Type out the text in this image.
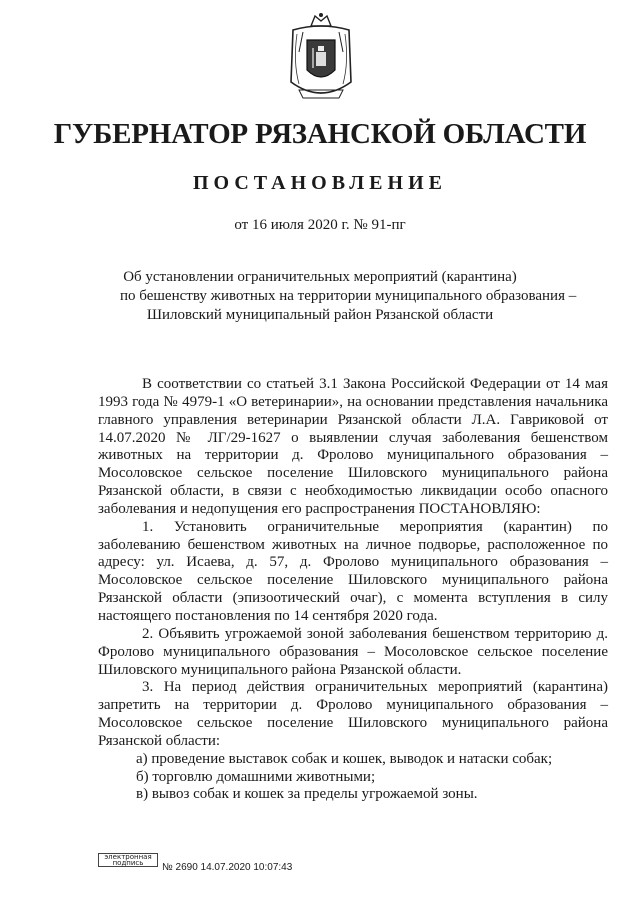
ГУБЕРНАТОР РЯЗАНСКОЙ ОБЛАСТИ
ПОСТАНОВЛЕНИЕ

от 16 июля 2020 г. № 91-пг

Об установлении ограничительных мероприятий (карантина)
по бешенству животных на территории муниципального образования –
Шиловский муниципальный район Рязанской области

В соответствии со статьей 3.1 Закона Российской Федерации от 14 мая 1993 года № 4979-1 «О ветеринарии», на основании представления начальника главного управления ветеринарии Рязанской области Л.А. Гавриковой от 14.07.2020 № ЛГ/29-1627 о выявлении случая заболевания бешенством животных на территории д. Фролово муниципального образования – Мосоловское сельское поселение Шиловского муниципального района Рязанской области, в связи с необходимостью ликвидации особо опасного заболевания и недопущения его распространения ПОСТАНОВЛЯЮ:

1. Установить ограничительные мероприятия (карантин) по заболеванию бешенством животных на личное подворье, расположенное по адресу: ул. Исаева, д. 57, д. Фролово муниципального образования – Мосоловское сельское поселение Шиловского муниципального района Рязанской области (эпизоотический очаг), с момента вступления в силу настоящего постановления по 14 сентября 2020 года.

2. Объявить угрожаемой зоной заболевания бешенством территорию д. Фролово муниципального образования – Мосоловское сельское поселение Шиловского муниципального района Рязанской области.

3. На период действия ограничительных мероприятий (карантина) запретить на территории д. Фролово муниципального образования – Мосоловское сельское поселение Шиловского муниципального района Рязанской области:

а) проведение выставок собак и кошек, выводок и натаски собак;

б) торговлю домашними животными;

в) вывоз собак и кошек за пределы угрожаемой зоны.

электронная
подпись	№ 2690 14.07.2020 10:07:43
